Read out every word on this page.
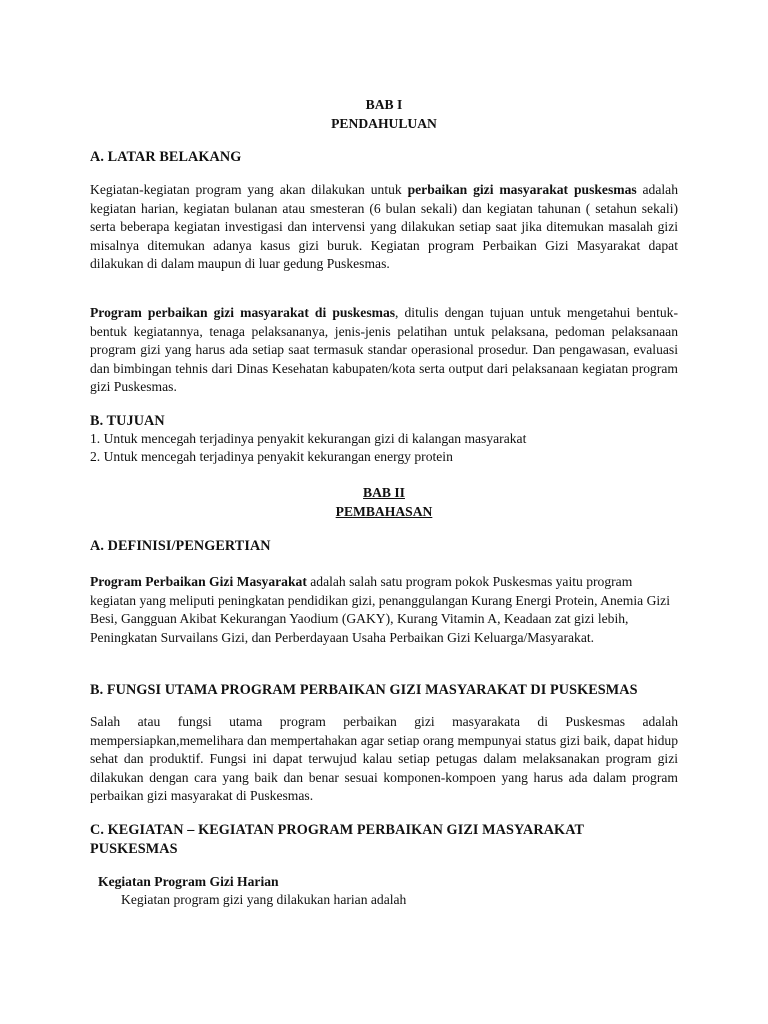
BAB I
PENDAHULUAN
A. LATAR BELAKANG

Kegiatan-kegiatan program yang akan dilakukan untuk perbaikan gizi masyarakat puskesmas adalah kegiatan harian, kegiatan bulanan atau smesteran (6 bulan sekali) dan kegiatan tahunan ( setahun sekali) serta beberapa kegiatan investigasi dan intervensi yang dilakukan setiap saat jika ditemukan masalah gizi misalnya ditemukan adanya kasus gizi buruk. Kegiatan program Perbaikan Gizi Masyarakat dapat dilakukan di dalam maupun di luar gedung Puskesmas.

Program perbaikan gizi masyarakat di puskesmas, ditulis dengan tujuan untuk mengetahui bentuk-bentuk kegiatannya, tenaga pelaksananya, jenis-jenis pelatihan untuk pelaksana, pedoman pelaksanaan program gizi yang harus ada setiap saat termasuk standar operasional prosedur. Dan pengawasan, evaluasi dan bimbingan tehnis dari Dinas Kesehatan kabupaten/kota serta output dari pelaksanaan kegiatan program gizi Puskesmas.

B. TUJUAN
1. Untuk mencegah terjadinya penyakit kekurangan gizi di kalangan masyarakat
2. Untuk mencegah terjadinya penyakit kekurangan energy protein
BAB II
PEMBAHASAN
A. DEFINISI/PENGERTIAN

Program Perbaikan Gizi Masyarakat adalah salah satu program pokok Puskesmas yaitu program kegiatan yang meliputi peningkatan pendidikan gizi, penanggulangan Kurang Energi Protein, Anemia Gizi Besi, Gangguan Akibat Kekurangan Yaodium (GAKY), Kurang Vitamin A, Keadaan zat gizi lebih, Peningkatan Survailans Gizi, dan Perberdayaan Usaha Perbaikan Gizi Keluarga/Masyarakat.

B. FUNGSI UTAMA PROGRAM PERBAIKAN GIZI MASYARAKAT DI PUSKESMAS

Salah atau fungsi utama program perbaikan gizi masyarakata di Puskesmas adalah mempersiapkan,memelihara dan mempertahakan agar setiap orang mempunyai status gizi baik, dapat hidup sehat dan produktif. Fungsi ini dapat terwujud kalau setiap petugas dalam melaksanakan program gizi dilakukan dengan cara yang baik dan benar sesuai komponen-kompoen yang harus ada dalam program perbaikan gizi masyarakat di Puskesmas.

C. KEGIATAN – KEGIATAN PROGRAM PERBAIKAN GIZI MASYARAKAT PUSKESMAS
Kegiatan Program Gizi Harian
Kegiatan program gizi yang dilakukan harian adalah
